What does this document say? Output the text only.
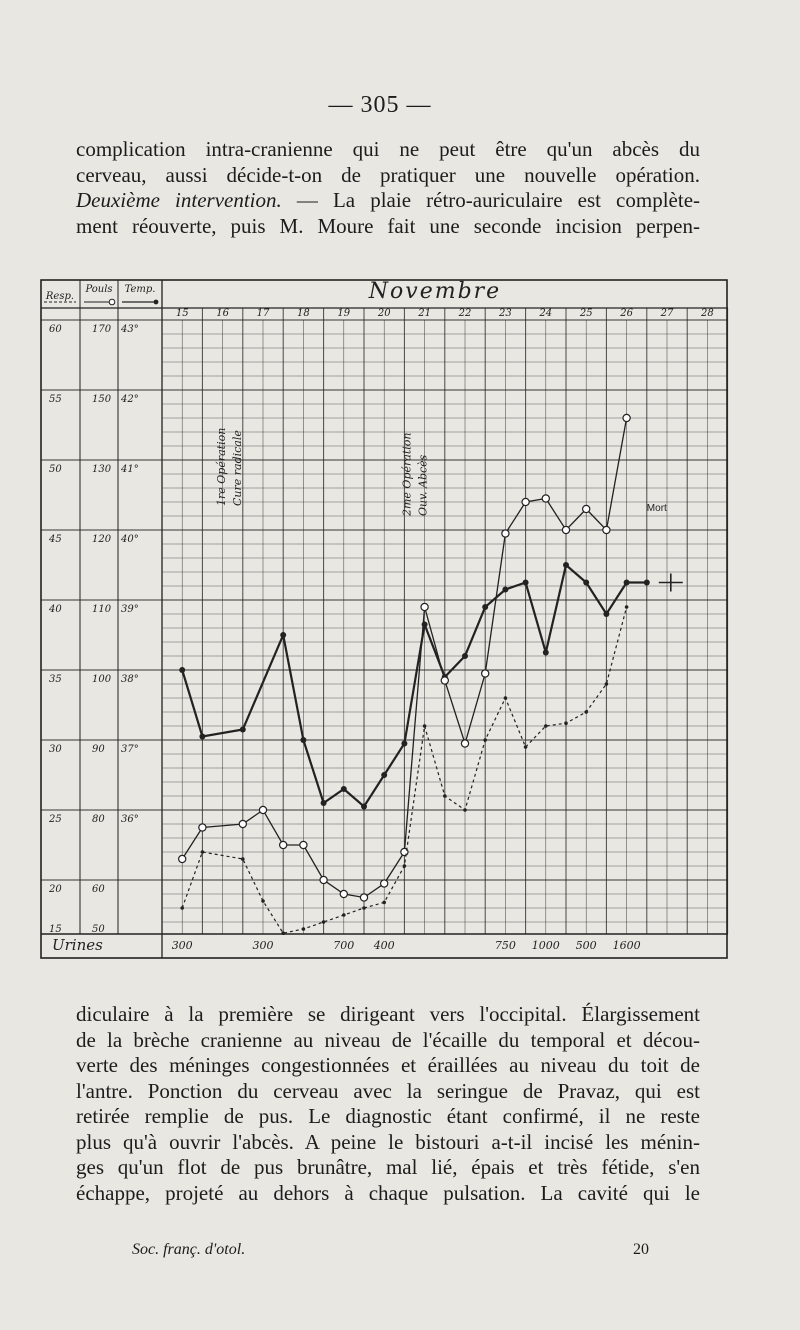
— 305 —

complication intra-cranienne qui ne peut être qu'un abcès du
cerveau, aussi décide-t-on de pratiquer une nouvelle opération.
Deuxième intervention. — La plaie rétro-auriculaire est complète-
ment réouverte, puis M. Moure fait une seconde incision perpen-

Resp.
Pouls Temp.	Novembre
15	16	17	18	19	20	21	22	23	24	25	26	27	28
43°
42°
41°
40°
39°
38°
37°
36°
170
150
130
120
110
100
90
80
60
50
60
55
50
45
40
35
30
25
20
15
1re Opération Cure radicale	2me Opération Ouv. Abcès	Mort
Urines	300	300	700 400	750 1000 500 1600
diculaire à la première se dirigeant vers l'occipital. Élargissement
de la brèche cranienne au niveau de l'écaille du temporal et décou-
verte des méninges congestionnées et éraillées au niveau du toit de
l'antre. Ponction du cerveau avec la seringue de Pravaz, qui est
retirée remplie de pus. Le diagnostic étant confirmé, il ne reste
plus qu'à ouvrir l'abcès. A peine le bistouri a-t-il incisé les ménin-
ges qu'un flot de pus brunâtre, mal lié, épais et très fétide, s'en
échappe, projeté au dehors à chaque pulsation. La cavité qui le
Soc. franç. d'otol.	20
